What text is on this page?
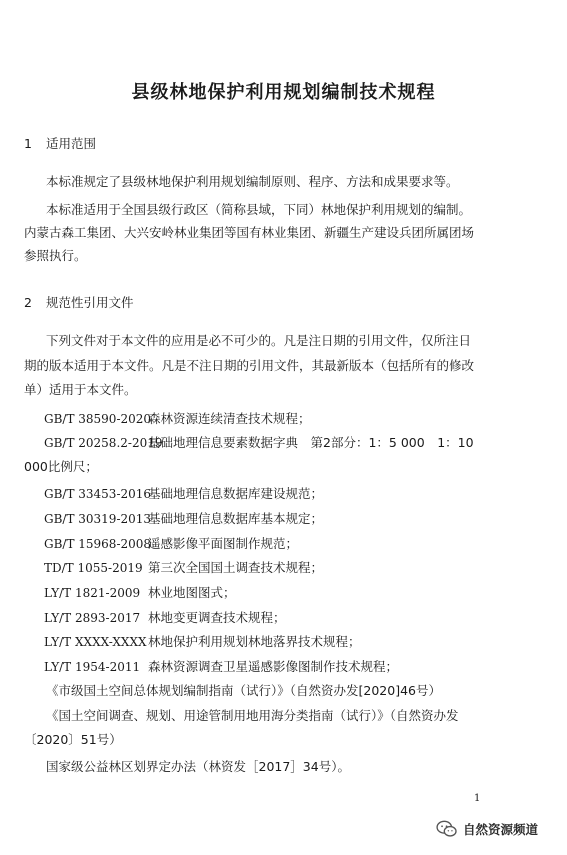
县级林地保护利用规划编制技术规程
1 适用范围
本标准规定了县级林地保护利用规划编制原则、程序、方法和成果要求等。
本标准适用于全国县级行政区（简称县域，下同）林地保护利用规划的编制。
内蒙古森工集团、大兴安岭林业集团等国有林业集团、新疆生产建设兵团所属团场
参照执行。
2 规范性引用文件
下列文件对于本文件的应用是必不可少的。凡是注日期的引用文件，仅所注日
期的版本适用于本文件。凡是不注日期的引用文件，其最新版本（包括所有的修改
单）适用于本文件。
GB/T 38590-2020森林资源连续清查技术规程；
GB/T 20258.2-2019基础地理信息要素数据字典　第2部分：1：5 000　1：10
000比例尺；
GB/T 33453-2016基础地理信息数据库建设规范；
GB/T 30319-2013基础地理信息数据库基本规定；
GB/T 15968-2008遥感影像平面图制作规范；
TD/T 1055-2019 第三次全国国土调查技术规程；
LY/T 1821-2009 林业地图图式；
LY/T 2893-2017 林地变更调查技术规程；
LY/T XXXX-XXXX林地保护利用规划林地落界技术规程；
LY/T 1954-2011 森林资源调查卫星遥感影像图制作技术规程；
《市级国土空间总体规划编制指南（试行）》（自然资办发[2020]46号）
《国土空间调查、规划、用途管制用地用海分类指南（试行）》（自然资办发
〔2020〕51号）
国家级公益林区划界定办法（林资发［2017］34号）。
1
自然资源频道
